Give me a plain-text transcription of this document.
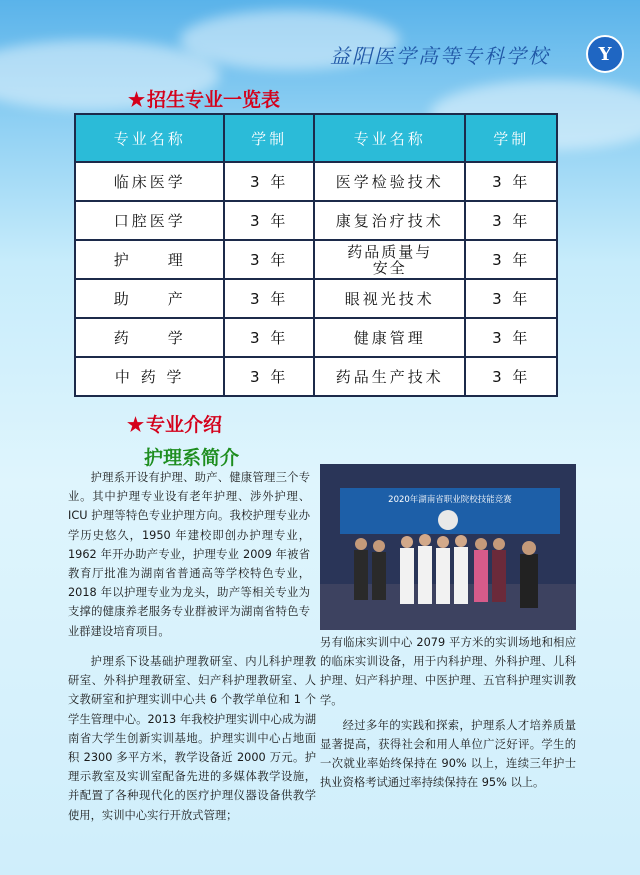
益阳医学高等专科学校	Y
★ 招生专业一览表
专业名称	学制	专业名称	学制
临床医学	3 年	医学检验技术	3 年
口腔医学	3 年	康复治疗技术	3 年
护　　理	3 年	药品质量与安全	3 年
助　　产	3 年	眼视光技术	3 年
药　　学	3 年	健康管理	3 年
中 药 学	3 年	药品生产技术	3 年
★ 专业介绍
护理系简介

护理系开设有护理、助产、健康管理三个专业。其中护理专业设有老年护理、涉外护理、ICU 护理等特色专业护理方向。我校护理专业办学历史悠久，1950 年建校即创办护理专业，1962 年开办助产专业，护理专业 2009 年被省教育厅批准为湖南省普通高等学校特色专业，2018 年以护理专业为龙头，助产等相关专业为支撑的健康养老服务专业群被评为湖南省特色专业群建设培育项目。

护理系下设基础护理教研室、内儿科护理教研室、外科护理教研室、妇产科护理教研室、人文教研室和护理实训中心共 6 个教学单位和 1 个学生管理中心。2013 年我校护理实训中心成为湖南省大学生创新实训基地。护理实训中心占地面积 2300 多平方米，教学设备近 2000 万元。护理示教室及实训室配备先进的多媒体教学设施，并配置了各种现代化的医疗护理仪器设备供教学使用，实训中心实行开放式管理；

2020年湖南省职业院校技能竞赛

另有临床实训中心 2079 平方米的实训场地和相应的临床实训设备，用于内科护理、外科护理、儿科护理、妇产科护理、中医护理、五官科护理实训教学。

经过多年的实践和探索，护理系人才培养质量显著提高，获得社会和用人单位广泛好评。学生的一次就业率始终保持在 90% 以上，连续三年护士执业资格考试通过率持续保持在 95% 以上。
